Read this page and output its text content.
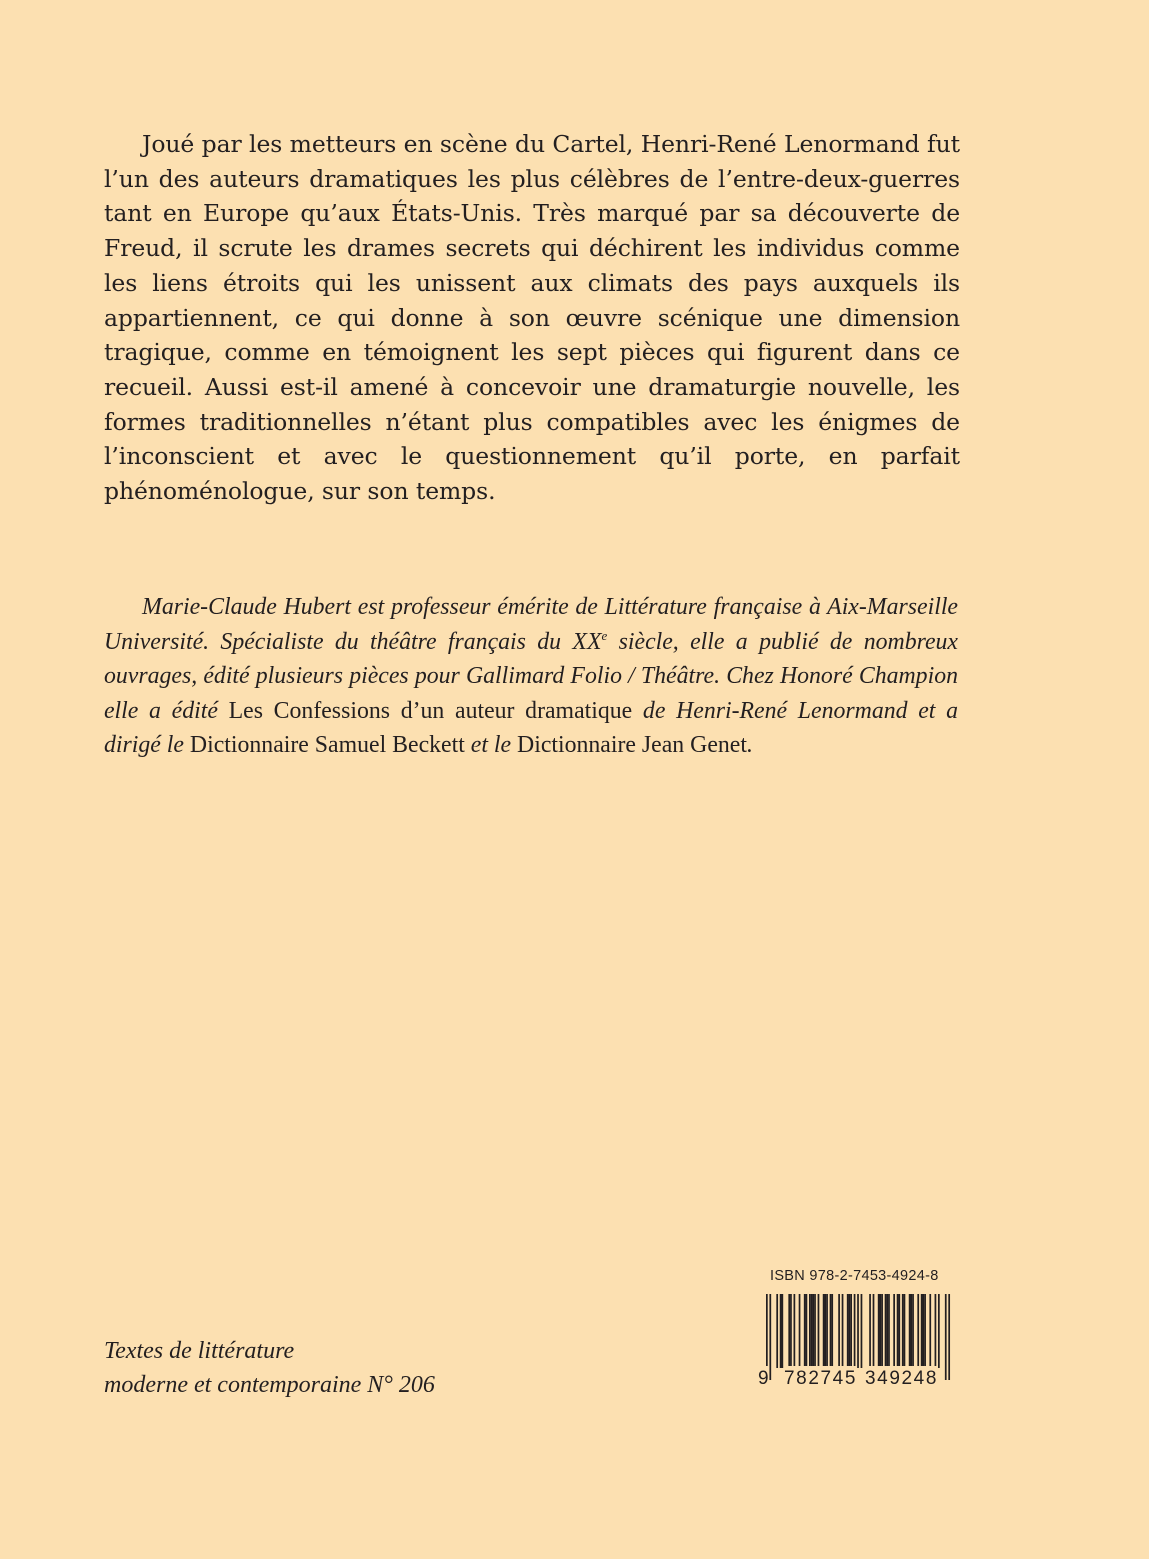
Joué par les metteurs en scène du Cartel, Henri-René Lenormand fut l’un des auteurs dramatiques les plus célèbres de l’entre-deux-guerres tant en Europe qu’aux États-Unis. Très marqué par sa découverte de Freud, il scrute les drames secrets qui déchirent les individus comme les liens étroits qui les unissent aux climats des pays auxquels ils appartiennent, ce qui donne à son œuvre scénique une dimension tragique, comme en témoignent les sept pièces qui figurent dans ce recueil. Aussi est-il amené à concevoir une dramaturgie nouvelle, les formes traditionnelles n’étant plus compatibles avec les énigmes de l’inconscient et avec le questionnement qu’il porte, en parfait phénoménologue, sur son temps.

Marie-Claude Hubert est professeur émérite de Littérature française à Aix-Marseille Université. Spécialiste du théâtre français du XXe siècle, elle a publié de nombreux ouvrages, édité plusieurs pièces pour Gallimard Folio / Théâtre. Chez Honoré Champion elle a édité Les Confessions d’un auteur dramatique de Henri-René Lenormand et a dirigé le Dictionnaire Samuel Beckett et le Dictionnaire Jean Genet.

Textes de littérature
moderne et contemporaine N° 206
ISBN 978-2-7453-4924-8
9 782745 349248
